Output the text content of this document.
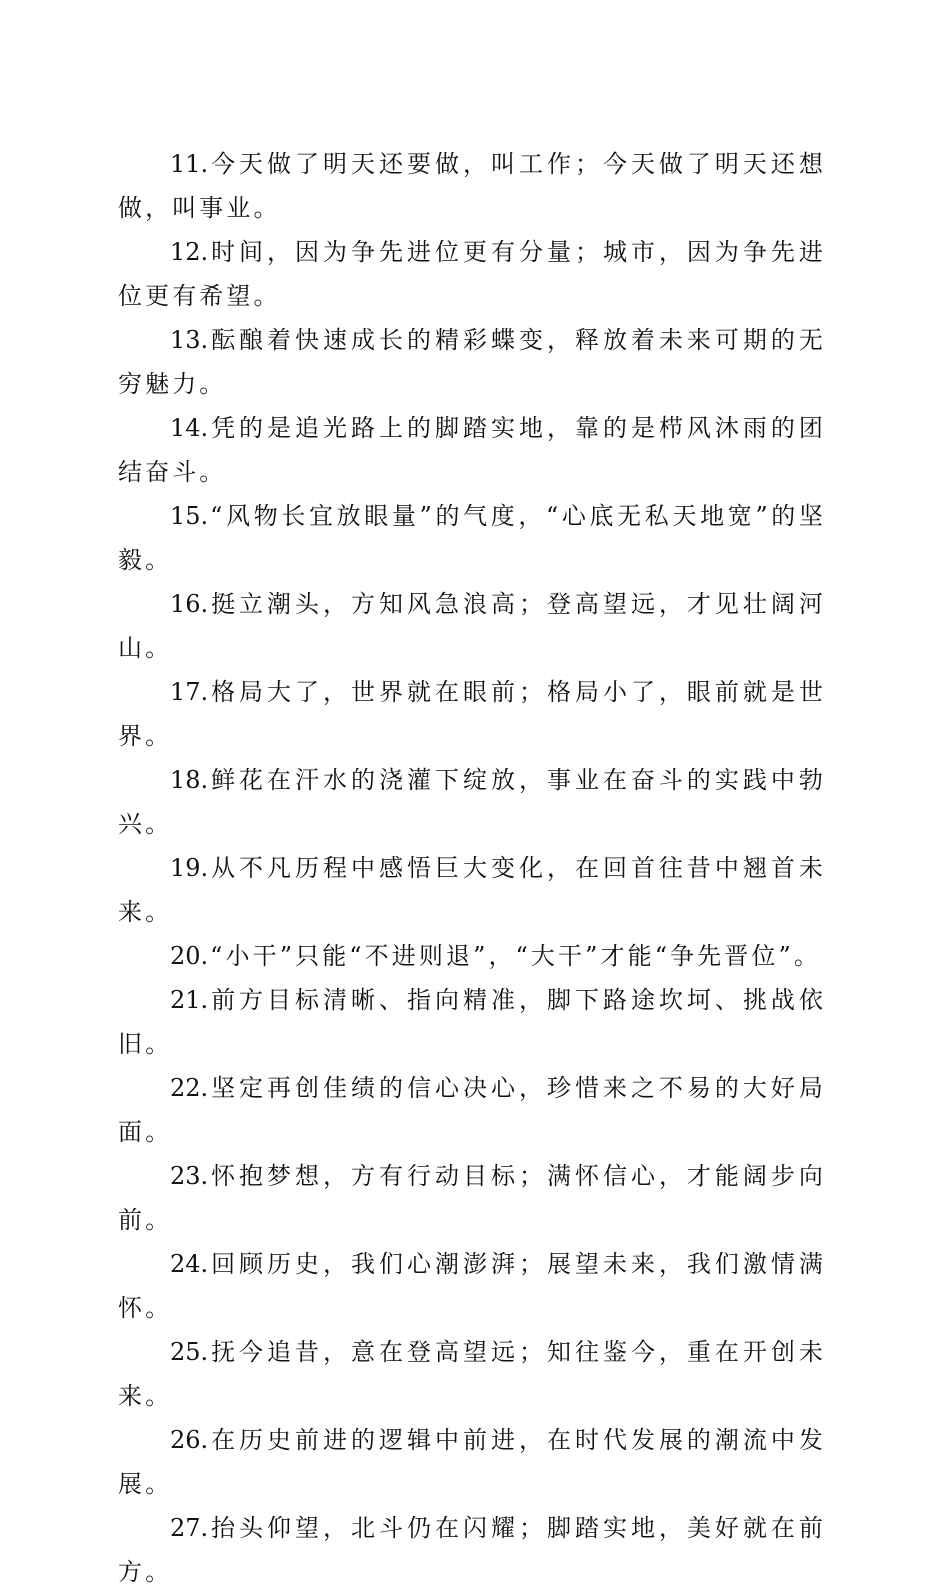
11.今天做了明天还要做，叫工作；今天做了明天还想做，叫事业。

12.时间，因为争先进位更有分量；城市，因为争先进位更有希望。

13.酝酿着快速成长的精彩蝶变，释放着未来可期的无穷魅力。

14.凭的是追光路上的脚踏实地，靠的是栉风沐雨的团结奋斗。

15.“风物长宜放眼量”的气度，“心底无私天地宽”的坚毅。

16.挺立潮头，方知风急浪高；登高望远，才见壮阔河山。

17.格局大了，世界就在眼前；格局小了，眼前就是世界。

18.鲜花在汗水的浇灌下绽放，事业在奋斗的实践中勃兴。

19.从不凡历程中感悟巨大变化，在回首往昔中翘首未来。

20.“小干”只能“不进则退”，“大干”才能“争先晋位”。

21.前方目标清晰、指向精准，脚下路途坎坷、挑战依旧。

22.坚定再创佳绩的信心决心，珍惜来之不易的大好局面。

23.怀抱梦想，方有行动目标；满怀信心，才能阔步向前。

24.回顾历史，我们心潮澎湃；展望未来，我们激情满怀。

25.抚今追昔，意在登高望远；知往鉴今，重在开创未来。

26.在历史前进的逻辑中前进，在时代发展的潮流中发展。

27.抬头仰望，北斗仍在闪耀；脚踏实地，美好就在前方。
